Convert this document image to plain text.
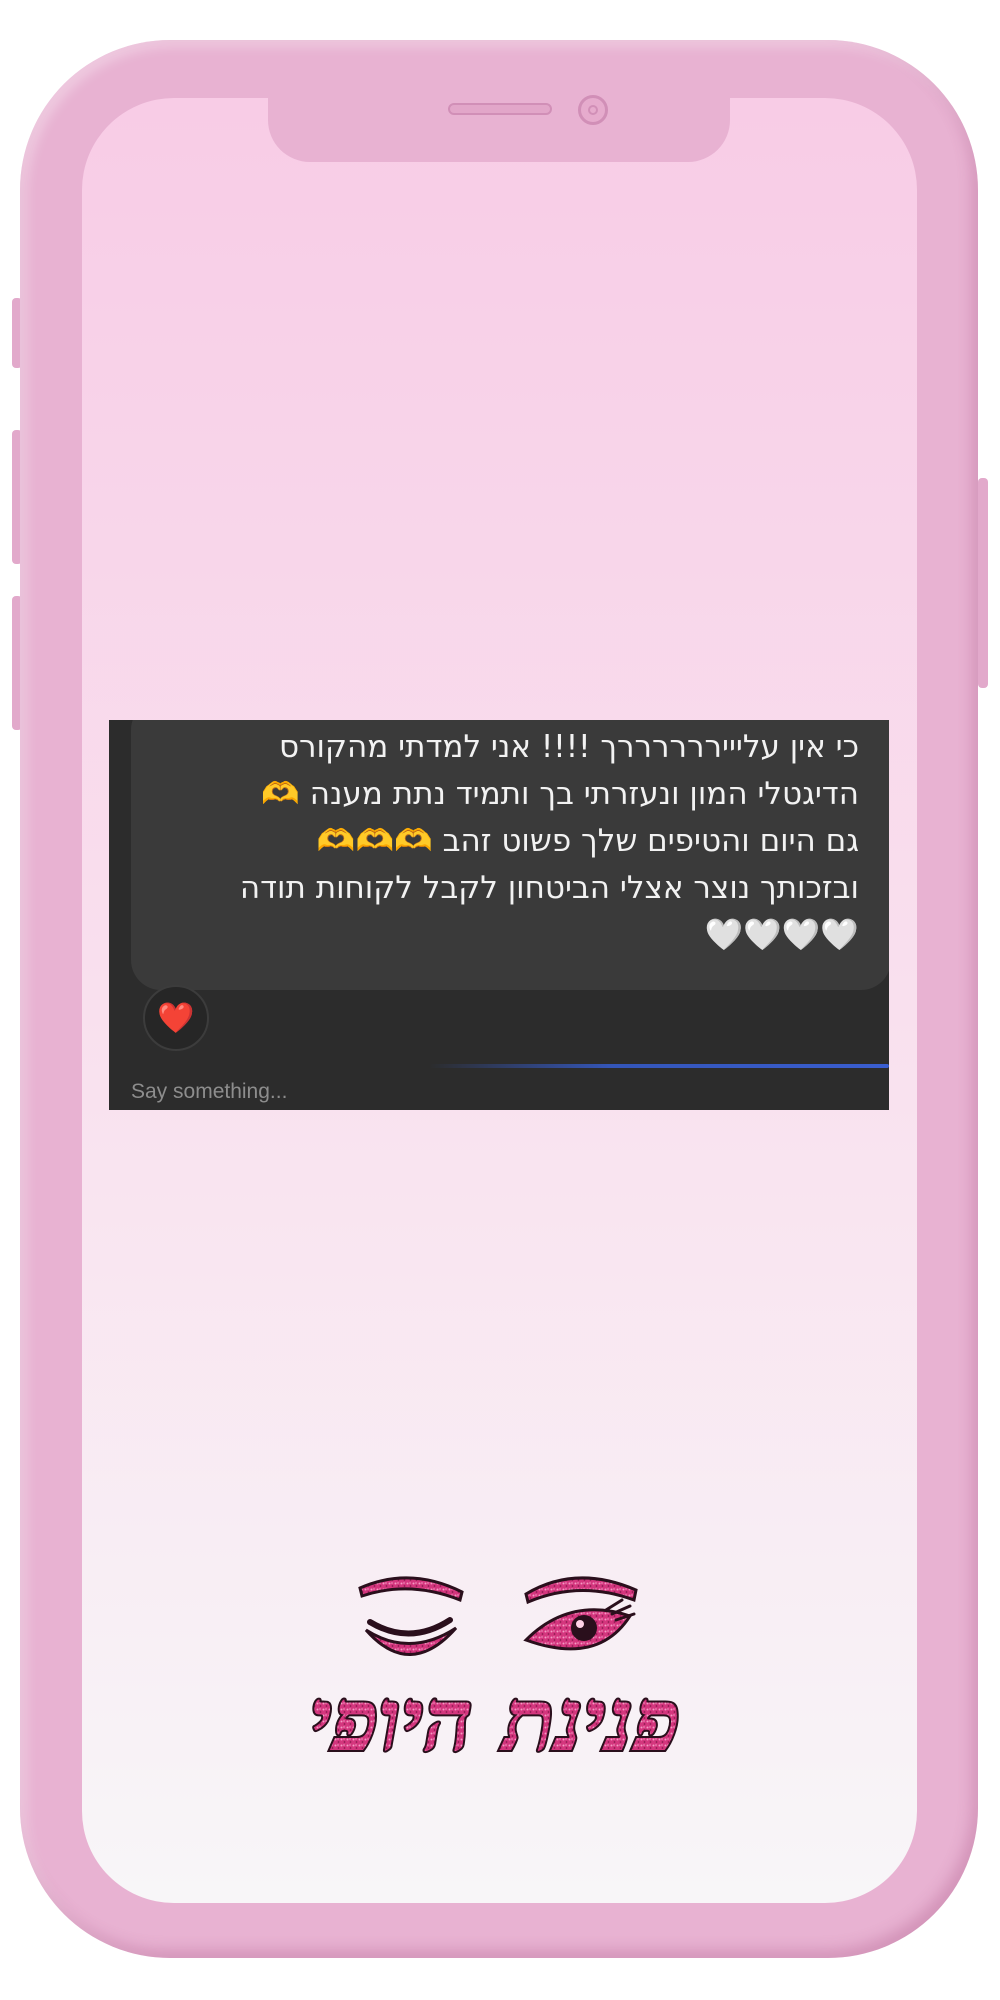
כי אין עליייררררררך !!!! אני למדתי מהקורס
הדיגטלי המון ונעזרתי בך ותמיד נתת מענה 🫶
גם היום והטיפים שלך פשוט זהב 🫶🫶🫶
ובזכותך נוצר אצלי הביטחון לקבל לקוחות תודה
🤍🤍🤍🤍
❤️
Say something...
פנינת היופי
